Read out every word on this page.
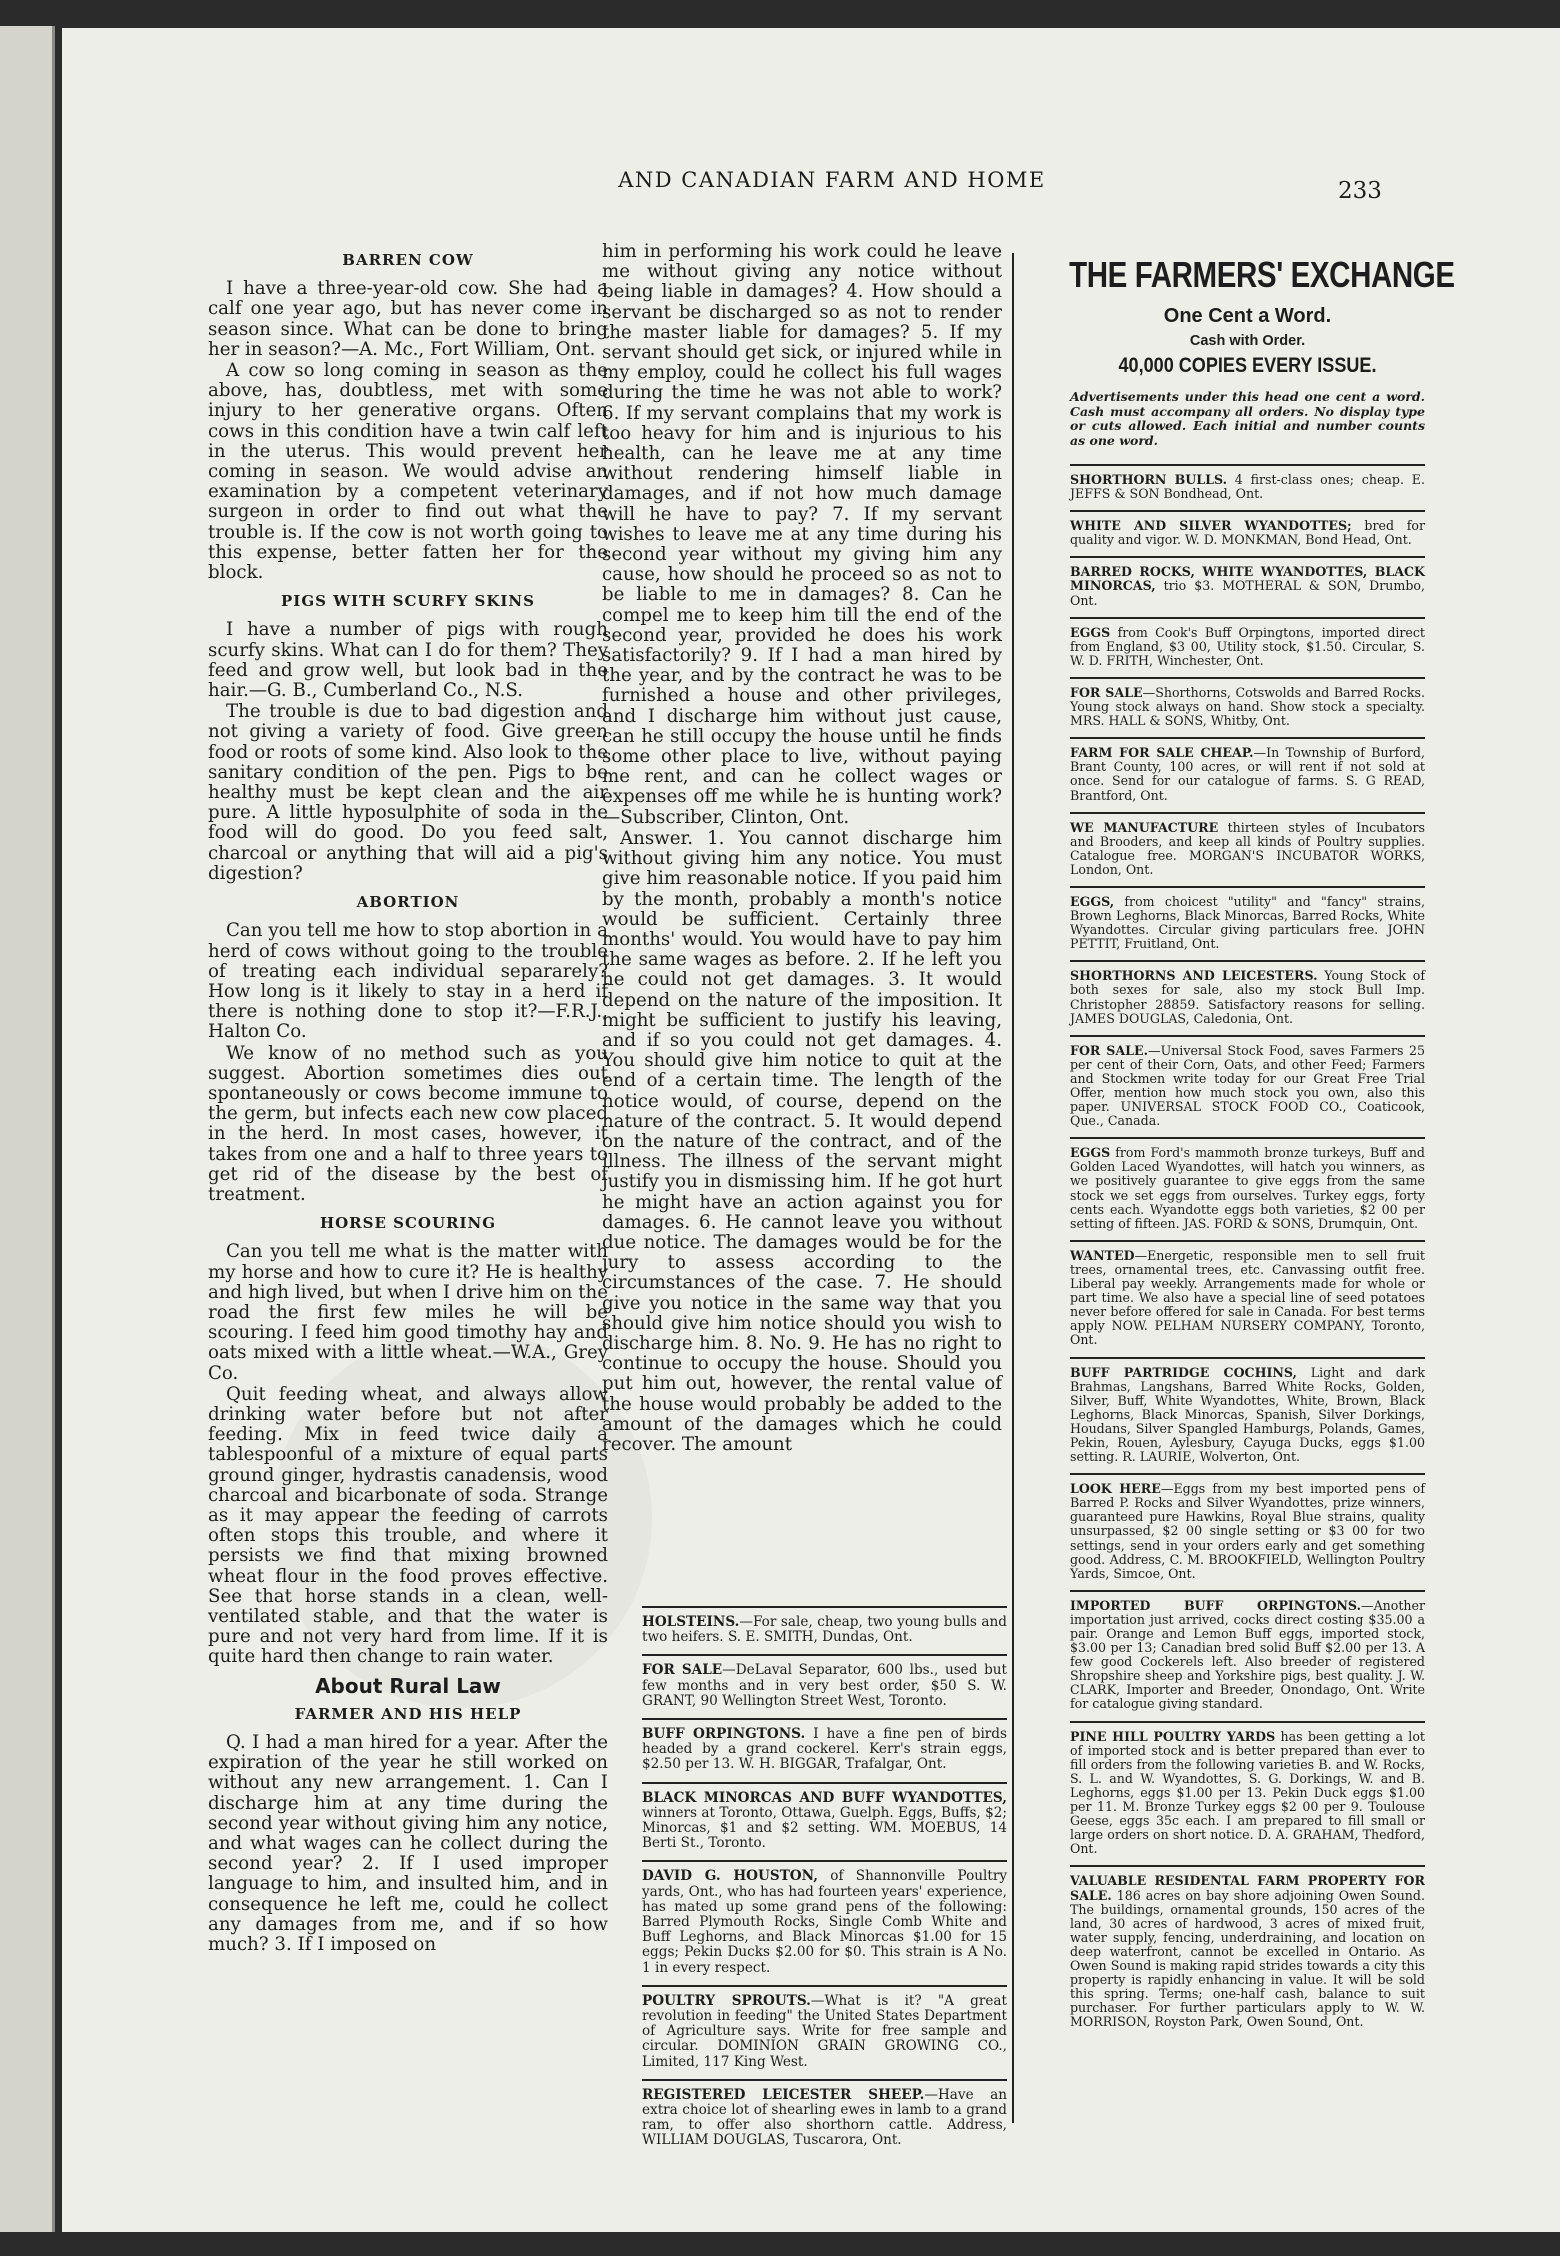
AND CANADIAN FARM AND HOME	233
BARREN COW

I have a three-year-old cow. She had a calf one year ago, but has never come in season since. What can be done to bring her in season?—A. Mc., Fort William, Ont.

A cow so long coming in season as the above, has, doubtless, met with some injury to her generative organs. Often cows in this condition have a twin calf left in the uterus. This would prevent her coming in season. We would advise an examination by a competent veterinary surgeon in order to find out what the trouble is. If the cow is not worth going to this expense, better fatten her for the block.

PIGS WITH SCURFY SKINS

I have a number of pigs with rough scurfy skins. What can I do for them? They feed and grow well, but look bad in the hair.—G. B., Cumberland Co., N.S.

The trouble is due to bad digestion and not giving a variety of food. Give green food or roots of some kind. Also look to the sanitary condition of the pen. Pigs to be healthy must be kept clean and the air pure. A little hyposulphite of soda in the food will do good. Do you feed salt, charcoal or anything that will aid a pig's digestion?

ABORTION

Can you tell me how to stop abortion in a herd of cows without going to the trouble of treating each individual separarely? How long is it likely to stay in a herd if there is nothing done to stop it?—F.R.J., Halton Co.

We know of no method such as you suggest. Abortion sometimes dies out spontaneously or cows become immune to the germ, but infects each new cow placed in the herd. In most cases, however, it takes from one and a half to three years to get rid of the disease by the best of treatment.

HORSE SCOURING

Can you tell me what is the matter with my horse and how to cure it? He is healthy and high lived, but when I drive him on the road the first few miles he will be scouring. I feed him good timothy hay and oats mixed with a little wheat.—W.A., Grey Co.

Quit feeding wheat, and always allow drinking water before but not after feeding. Mix in feed twice daily a tablespoonful of a mixture of equal parts ground ginger, hydrastis canadensis, wood charcoal and bicarbonate of soda. Strange as it may appear the feeding of carrots often stops this trouble, and where it persists we find that mixing browned wheat flour in the food proves effective. See that horse stands in a clean, well-ventilated stable, and that the water is pure and not very hard from lime. If it is quite hard then change to rain water.

About Rural Law
FARMER AND HIS HELP

Q. I had a man hired for a year. After the expiration of the year he still worked on without any new arrangement. 1. Can I discharge him at any time during the second year without giving him any notice, and what wages can he collect during the second year? 2. If I used improper language to him, and insulted him, and in consequence he left me, could he collect any damages from me, and if so how much? 3. If I imposed on

him in performing his work could he leave me without giving any notice without being liable in damages? 4. How should a servant be discharged so as not to render the master liable for damages? 5. If my servant should get sick, or injured while in my employ, could he collect his full wages during the time he was not able to work? 6. If my servant complains that my work is too heavy for him and is injurious to his health, can he leave me at any time without rendering himself liable in damages, and if not how much damage will he have to pay? 7. If my servant wishes to leave me at any time during his second year without my giving him any cause, how should he proceed so as not to be liable to me in damages? 8. Can he compel me to keep him till the end of the second year, provided he does his work satisfactorily? 9. If I had a man hired by the year, and by the contract he was to be furnished a house and other privileges, and I discharge him without just cause, can he still occupy the house until he finds some other place to live, without paying me rent, and can he collect wages or expenses off me while he is hunting work?—Subscriber, Clinton, Ont.

Answer. 1. You cannot discharge him without giving him any notice. You must give him reasonable notice. If you paid him by the month, probably a month's notice would be sufficient. Certainly three months' would. You would have to pay him the same wages as before. 2. If he left you he could not get damages. 3. It would depend on the nature of the imposition. It might be sufficient to justify his leaving, and if so you could not get damages. 4. You should give him notice to quit at the end of a certain time. The length of the notice would, of course, depend on the nature of the contract. 5. It would depend on the nature of the contract, and of the illness. The illness of the servant might justify you in dismissing him. If he got hurt he might have an action against you for damages. 6. He cannot leave you without due notice. The damages would be for the jury to assess according to the circumstances of the case. 7. He should give you notice in the same way that you should give him notice should you wish to discharge him. 8. No. 9. He has no right to continue to occupy the house. Should you put him out, however, the rental value of the house would probably be added to the amount of the damages which he could recover. The amount

HOLSTEINS.—For sale, cheap, two young bulls and two heifers. S. E. SMITH, Dundas, Ont.
FOR SALE—DeLaval Separator, 600 lbs., used but few months and in very best order, $50 S. W. GRANT, 90 Wellington Street West, Toronto.
BUFF ORPINGTONS. I have a fine pen of birds headed by a grand cockerel. Kerr's strain eggs, $2.50 per 13. W. H. BIGGAR, Trafalgar, Ont.
BLACK MINORCAS AND BUFF WYANDOTTES, winners at Toronto, Ottawa, Guelph. Eggs, Buffs, $2; Minorcas, $1 and $2 setting. WM. MOEBUS, 14 Berti St., Toronto.
DAVID G. HOUSTON, of Shannonville Poultry yards, Ont., who has had fourteen years' experience, has mated up some grand pens of the following: Barred Plymouth Rocks, Single Comb White and Buff Leghorns, and Black Minorcas $1.00 for 15 eggs; Pekin Ducks $2.00 for $0. This strain is A No. 1 in every respect.
POULTRY SPROUTS.—What is it? "A great revolution in feeding" the United States Department of Agriculture says. Write for free sample and circular. DOMINION GRAIN GROWING CO., Limited, 117 King West.
REGISTERED LEICESTER SHEEP.—Have an extra choice lot of shearling ewes in lamb to a grand ram, to offer also shorthorn cattle. Address, WILLIAM DOUGLAS, Tuscarora, Ont.
THE FARMERS' EXCHANGE
One Cent a Word.
Cash with Order.
40,000 COPIES EVERY ISSUE.
Advertisements under this head one cent a word. Cash must accompany all orders. No display type or cuts allowed. Each initial and number counts as one word.
SHORTHORN BULLS. 4 first-class ones; cheap. E. JEFFS & SON Bondhead, Ont.
WHITE AND SILVER WYANDOTTES; bred for quality and vigor. W. D. MONKMAN, Bond Head, Ont.
BARRED ROCKS, WHITE WYANDOTTES, BLACK MINORCAS, trio $3. MOTHERAL & SON, Drumbo, Ont.
EGGS from Cook's Buff Orpingtons, imported direct from England, $3 00, Utility stock, $1.50. Circular, S. W. D. FRITH, Winchester, Ont.
FOR SALE—Shorthorns, Cotswolds and Barred Rocks. Young stock always on hand. Show stock a specialty. MRS. HALL & SONS, Whitby, Ont.
FARM FOR SALE CHEAP.—In Township of Burford, Brant County, 100 acres, or will rent if not sold at once. Send for our catalogue of farms. S. G READ, Brantford, Ont.
WE MANUFACTURE thirteen styles of Incubators and Brooders, and keep all kinds of Poultry supplies. Catalogue free. MORGAN'S INCUBATOR WORKS, London, Ont.
EGGS, from choicest "utility" and "fancy" strains, Brown Leghorns, Black Minorcas, Barred Rocks, White Wyandottes. Circular giving particulars free. JOHN PETTIT, Fruitland, Ont.
SHORTHORNS AND LEICESTERS. Young Stock of both sexes for sale, also my stock Bull Imp. Christopher 28859. Satisfactory reasons for selling. JAMES DOUGLAS, Caledonia, Ont.
FOR SALE.—Universal Stock Food, saves Farmers 25 per cent of their Corn, Oats, and other Feed; Farmers and Stockmen write today for our Great Free Trial Offer, mention how much stock you own, also this paper. UNIVERSAL STOCK FOOD CO., Coaticook, Que., Canada.
EGGS from Ford's mammoth bronze turkeys, Buff and Golden Laced Wyandottes, will hatch you winners, as we positively guarantee to give eggs from the same stock we set eggs from ourselves. Turkey eggs, forty cents each. Wyandotte eggs both varieties, $2 00 per setting of fifteen. JAS. FORD & SONS, Drumquin, Ont.
WANTED—Energetic, responsible men to sell fruit trees, ornamental trees, etc. Canvassing outfit free. Liberal pay weekly. Arrangements made for whole or part time. We also have a special line of seed potatoes never before offered for sale in Canada. For best terms apply NOW. PELHAM NURSERY COMPANY, Toronto, Ont.
BUFF PARTRIDGE COCHINS, Light and dark Brahmas, Langshans, Barred White Rocks, Golden, Silver, Buff, White Wyandottes, White, Brown, Black Leghorns, Black Minorcas, Spanish, Silver Dorkings, Houdans, Silver Spangled Hamburgs, Polands, Games, Pekin, Rouen, Aylesbury, Cayuga Ducks, eggs $1.00 setting. R. LAURIE, Wolverton, Ont.
LOOK HERE—Eggs from my best imported pens of Barred P. Rocks and Silver Wyandottes, prize winners, guaranteed pure Hawkins, Royal Blue strains, quality unsurpassed, $2 00 single setting or $3 00 for two settings, send in your orders early and get something good. Address, C. M. BROOKFIELD, Wellington Poultry Yards, Simcoe, Ont.
IMPORTED BUFF ORPINGTONS.—Another importation just arrived, cocks direct costing $35.00 a pair. Orange and Lemon Buff eggs, imported stock, $3.00 per 13; Canadian bred solid Buff $2.00 per 13. A few good Cockerels left. Also breeder of registered Shropshire sheep and Yorkshire pigs, best quality. J. W. CLARK, Importer and Breeder, Onondago, Ont. Write for catalogue giving standard.
PINE HILL POULTRY YARDS has been getting a lot of imported stock and is better prepared than ever to fill orders from the following varieties B. and W. Rocks, S. L. and W. Wyandottes, S. G. Dorkings, W. and B. Leghorns, eggs $1.00 per 13. Pekin Duck eggs $1.00 per 11. M. Bronze Turkey eggs $2 00 per 9. Toulouse Geese, eggs 35c each. I am prepared to fill small or large orders on short notice. D. A. GRAHAM, Thedford, Ont.
VALUABLE RESIDENTAL FARM PROPERTY FOR SALE. 186 acres on bay shore adjoining Owen Sound. The buildings, ornamental grounds, 150 acres of the land, 30 acres of hardwood, 3 acres of mixed fruit, water supply, fencing, underdraining, and location on deep waterfront, cannot be excelled in Ontario. As Owen Sound is making rapid strides towards a city this property is rapidly enhancing in value. It will be sold this spring. Terms; one-half cash, balance to suit purchaser. For further particulars apply to W. W. MORRISON, Royston Park, Owen Sound, Ont.
